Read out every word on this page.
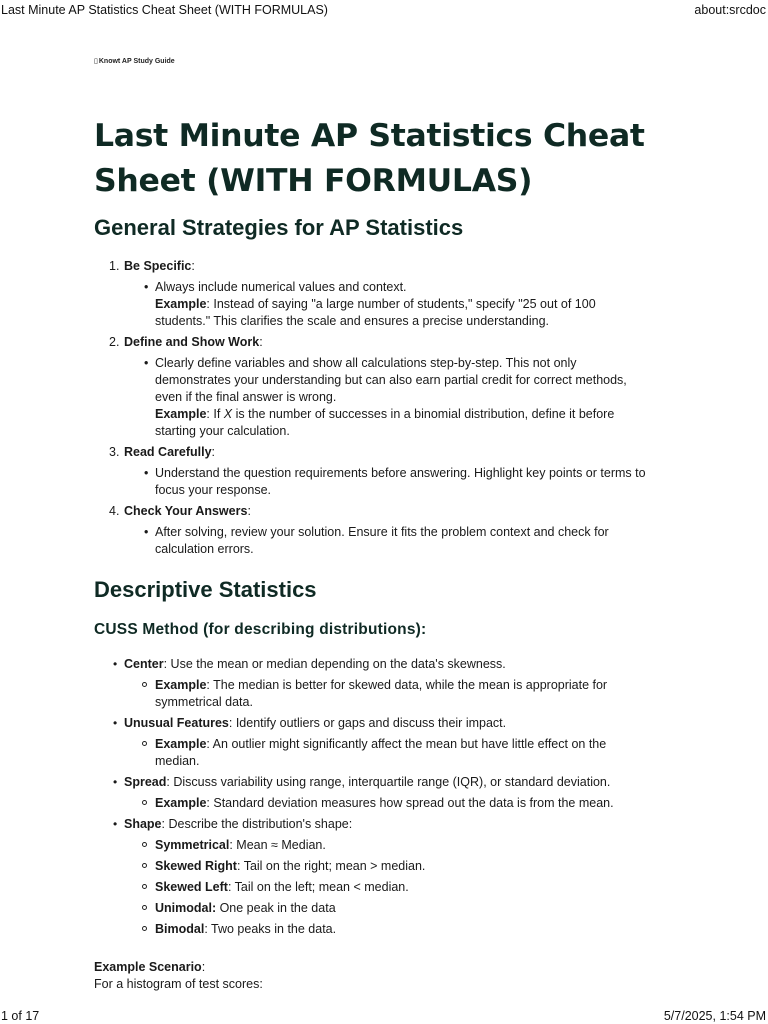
Last Minute AP Statistics Cheat Sheet (WITH FORMULAS)	about:srcdoc
▯ Knowt AP Study Guide
Last Minute AP Statistics Cheat Sheet (WITH FORMULAS)
General Strategies for AP Statistics
1. Be Specific:
• Always include numerical values and context.
Example: Instead of saying "a large number of students," specify "25 out of 100 students." This clarifies the scale and ensures a precise understanding.
2. Define and Show Work:
• Clearly define variables and show all calculations step-by-step. This not only demonstrates your understanding but can also earn partial credit for correct methods, even if the final answer is wrong.
Example: If X is the number of successes in a binomial distribution, define it before starting your calculation.
3. Read Carefully:
• Understand the question requirements before answering. Highlight key points or terms to focus your response.
4. Check Your Answers:
• After solving, review your solution. Ensure it fits the problem context and check for calculation errors.
Descriptive Statistics
CUSS Method (for describing distributions):
• Center: Use the mean or median depending on the data's skewness.
Example: The median is better for skewed data, while the mean is appropriate for symmetrical data.
• Unusual Features: Identify outliers or gaps and discuss their impact.
Example: An outlier might significantly affect the mean but have little effect on the median.
• Spread: Discuss variability using range, interquartile range (IQR), or standard deviation.
Example: Standard deviation measures how spread out the data is from the mean.
• Shape: Describe the distribution's shape:
Symmetrical: Mean ≈ Median.
Skewed Right: Tail on the right; mean > median.
Skewed Left: Tail on the left; mean < median.
Unimodal: One peak in the data
Bimodal: Two peaks in the data.
Example Scenario:
For a histogram of test scores:
1 of 17	5/7/2025, 1:54 PM
